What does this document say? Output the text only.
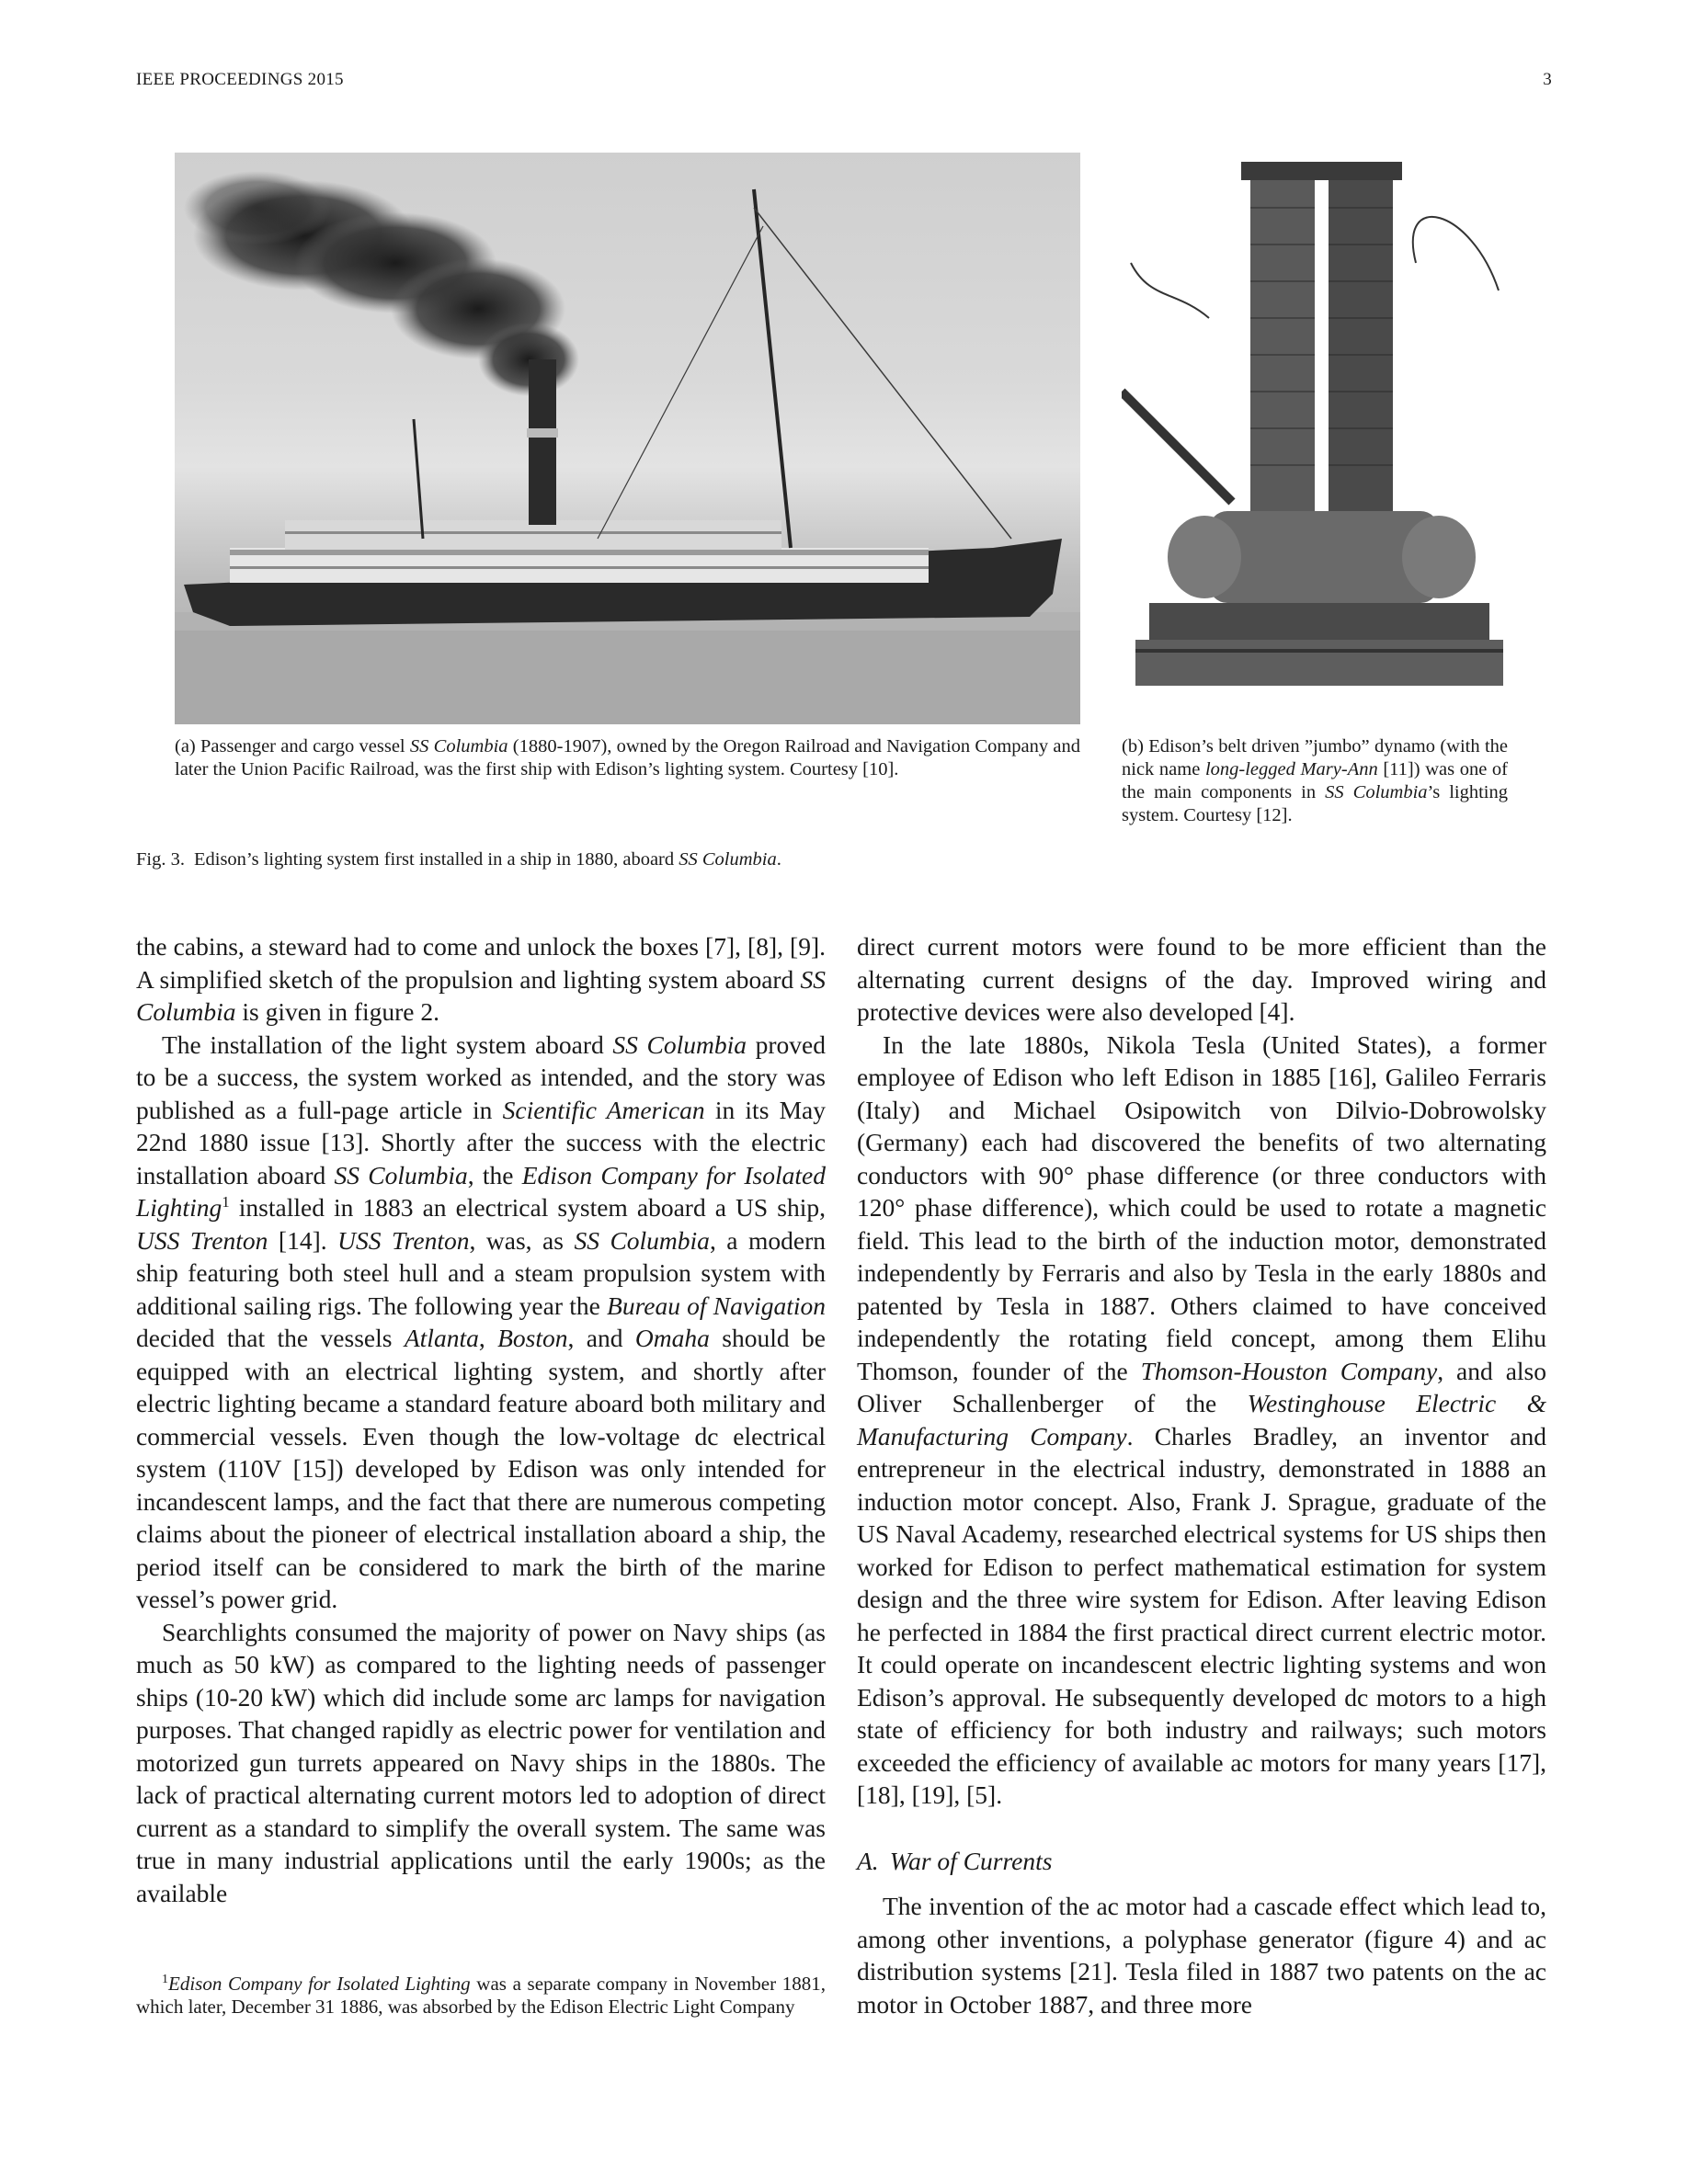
IEEE PROCEEDINGS 2015	3
(a) Passenger and cargo vessel SS Columbia (1880-1907), owned by the Oregon Railroad and Navigation Company and later the Union Pacific Railroad, was the first ship with Edison’s lighting system. Courtesy [10].
(b) Edison’s belt driven ”jumbo” dynamo (with the nick name long-legged Mary-Ann [11]) was one of the main components in SS Columbia’s lighting system. Courtesy [12].
Fig. 3. Edison’s lighting system first installed in a ship in 1880, aboard SS Columbia.

the cabins, a steward had to come and unlock the boxes [7], [8], [9]. A simplified sketch of the propulsion and lighting system aboard SS Columbia is given in figure 2.

The installation of the light system aboard SS Columbia proved to be a success, the system worked as intended, and the story was published as a full-page article in Scientific American in its May 22nd 1880 issue [13]. Shortly after the success with the electric installation aboard SS Columbia, the Edison Company for Isolated Lighting$^1$ installed in 1883 an electrical system aboard a US ship, USS Trenton [14]. USS Trenton, was, as SS Columbia, a modern ship featuring both steel hull and a steam propulsion system with additional sailing rigs. The following year the Bureau of Navigation decided that the vessels Atlanta, Boston, and Omaha should be equipped with an electrical lighting system, and shortly after electric lighting became a standard feature aboard both military and commercial vessels. Even though the low-voltage dc electrical system (110V [15]) developed by Edison was only intended for incandescent lamps, and the fact that there are numerous competing claims about the pioneer of electrical installation aboard a ship, the period itself can be considered to mark the birth of the marine vessel’s power grid.

Searchlights consumed the majority of power on Navy ships (as much as 50 kW) as compared to the lighting needs of passenger ships (10-20 kW) which did include some arc lamps for navigation purposes. That changed rapidly as electric power for ventilation and motorized gun turrets appeared on Navy ships in the 1880s. The lack of practical alternating current motors led to adoption of direct current as a standard to simplify the overall system. The same was true in many industrial applications until the early 1900s; as the available

$^1$Edison Company for Isolated Lighting was a separate company in November 1881, which later, December 31 1886, was absorbed by the Edison Electric Light Company

direct current motors were found to be more efficient than the alternating current designs of the day. Improved wiring and protective devices were also developed [4].

In the late 1880s, Nikola Tesla (United States), a former employee of Edison who left Edison in 1885 [16], Galileo Ferraris (Italy) and Michael Osipowitch von Dilvio-Dobrowolsky (Germany) each had discovered the benefits of two alternating conductors with 90° phase difference (or three conductors with 120° phase difference), which could be used to rotate a magnetic field. This lead to the birth of the induction motor, demonstrated independently by Ferraris and also by Tesla in the early 1880s and patented by Tesla in 1887. Others claimed to have conceived independently the rotating field concept, among them Elihu Thomson, founder of the Thomson-Houston Company, and also Oliver Schallenberger of the Westinghouse Electric & Manufacturing Company. Charles Bradley, an inventor and entrepreneur in the electrical industry, demonstrated in 1888 an induction motor concept. Also, Frank J. Sprague, graduate of the US Naval Academy, researched electrical systems for US ships then worked for Edison to perfect mathematical estimation for system design and the three wire system for Edison. After leaving Edison he perfected in 1884 the first practical direct current electric motor. It could operate on incandescent electric lighting systems and won Edison’s approval. He subsequently developed dc motors to a high state of efficiency for both industry and railways; such motors exceeded the efficiency of available ac motors for many years [17], [18], [19], [5].

A. War of Currents

The invention of the ac motor had a cascade effect which lead to, among other inventions, a polyphase generator (figure 4) and ac distribution systems [21]. Tesla filed in 1887 two patents on the ac motor in October 1887, and three more
